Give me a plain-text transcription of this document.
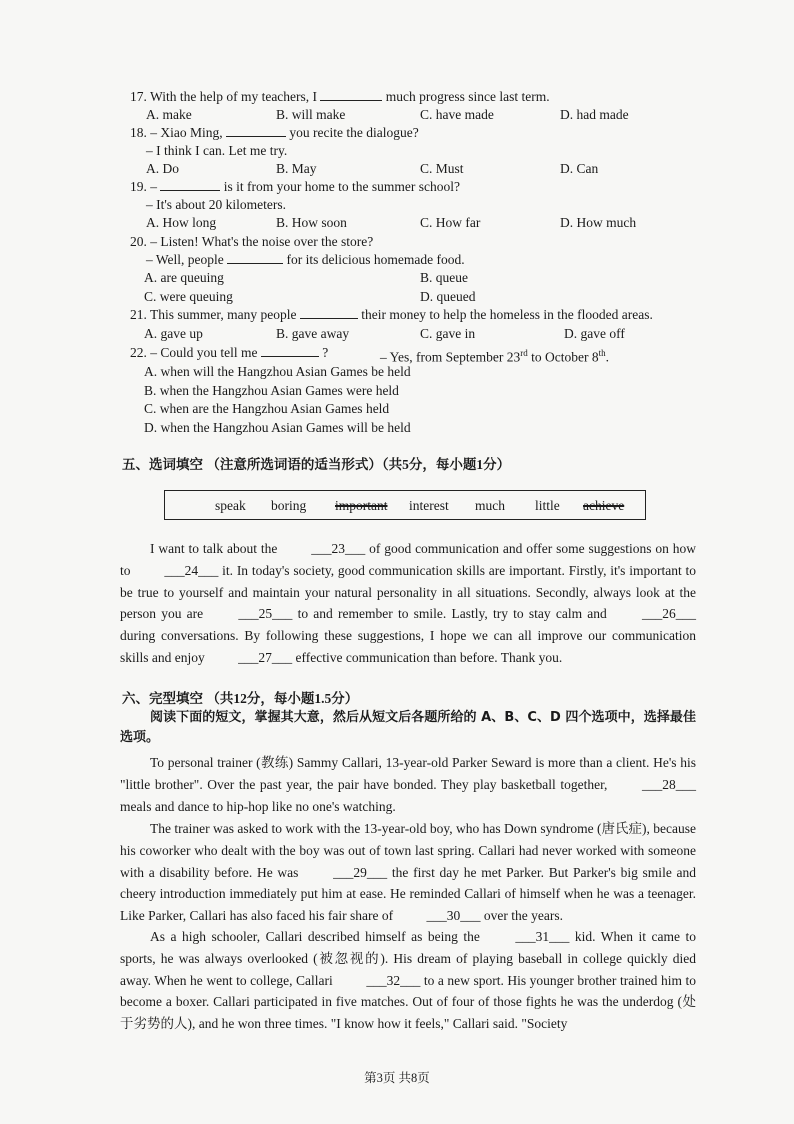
17. With the help of my teachers, I	much progress since last term.
A. make	B. will make	C. have made	D. had made
18. – Xiao Ming,	you recite the dialogue?
– I think I can. Let me try.
A. Do	B. May	C. Must	D. Can
19. –	is it from your home to the summer school?
– It's about 20 kilometers.
A. How long	B. How soon	C. How far	D. How much
20. – Listen! What's the noise over the store?
– Well, people	for its delicious homemade food.
A. are queuing	B. queue
C. were queuing	D. queued
21. This summer, many people	their money to help the homeless in the flooded areas.
A. gave up	B. gave away	C. gave in	D. gave off
22. – Could you tell me	?	– Yes, from September 23rd to October 8th.
A. when will the Hangzhou Asian Games be held
B. when the Hangzhou Asian Games were held
C. when are the Hangzhou Asian Games held
D. when the Hangzhou Asian Games will be held
五、选词填空 （注意所选词语的适当形式）（共5分，每小题1分）
speak boring important interest much little achieve
I want to talk about the	___23___ of good communication and offer some suggestions on how to	___24___ it. In today's society, good communication skills are important. Firstly, it's important to be true to yourself and maintain your natural personality in all situations. Secondly, always look at the person you are	___25___ to and remember to smile. Lastly, try to stay calm and	___26___ during conversations. By following these suggestions, I hope we can all improve our communication skills and enjoy ___27___ effective communication than before. Thank you.
六、完型填空 （共12分，每小题1.5分）
阅读下面的短文，掌握其大意，然后从短文后各题所给的 A、B、C、D 四个选项中，选择最佳选项。
To personal trainer (教练) Sammy Callari, 13-year-old Parker Seward is more than a client. He's his "little brother". Over the past year, the pair have bonded. They play basketball together,	___28___ meals and dance to hip-hop like no one's watching.
The trainer was asked to work with the 13-year-old boy, who has Down syndrome (唐氏症), because his coworker who dealt with the boy was out of town last spring. Callari had never worked with someone with a disability before. He was	___29___ the first day he met Parker. But Parker's big smile and cheery introduction immediately put him at ease. He reminded Callari of himself when he was a teenager. Like Parker, Callari has also faced his fair share of ___30___ over the years.
As a high schooler, Callari described himself as being the	___31___ kid. When it came to sports, he was always overlooked (被忽视的). His dream of playing baseball in college quickly died away. When he went to college, Callari ___32___ to a new sport. His younger brother trained him to become a boxer. Callari participated in five matches. Out of four of those fights he was the underdog (处于劣势的人), and he won three times. "I know how it feels," Callari said. "Society
第3页 共8页
